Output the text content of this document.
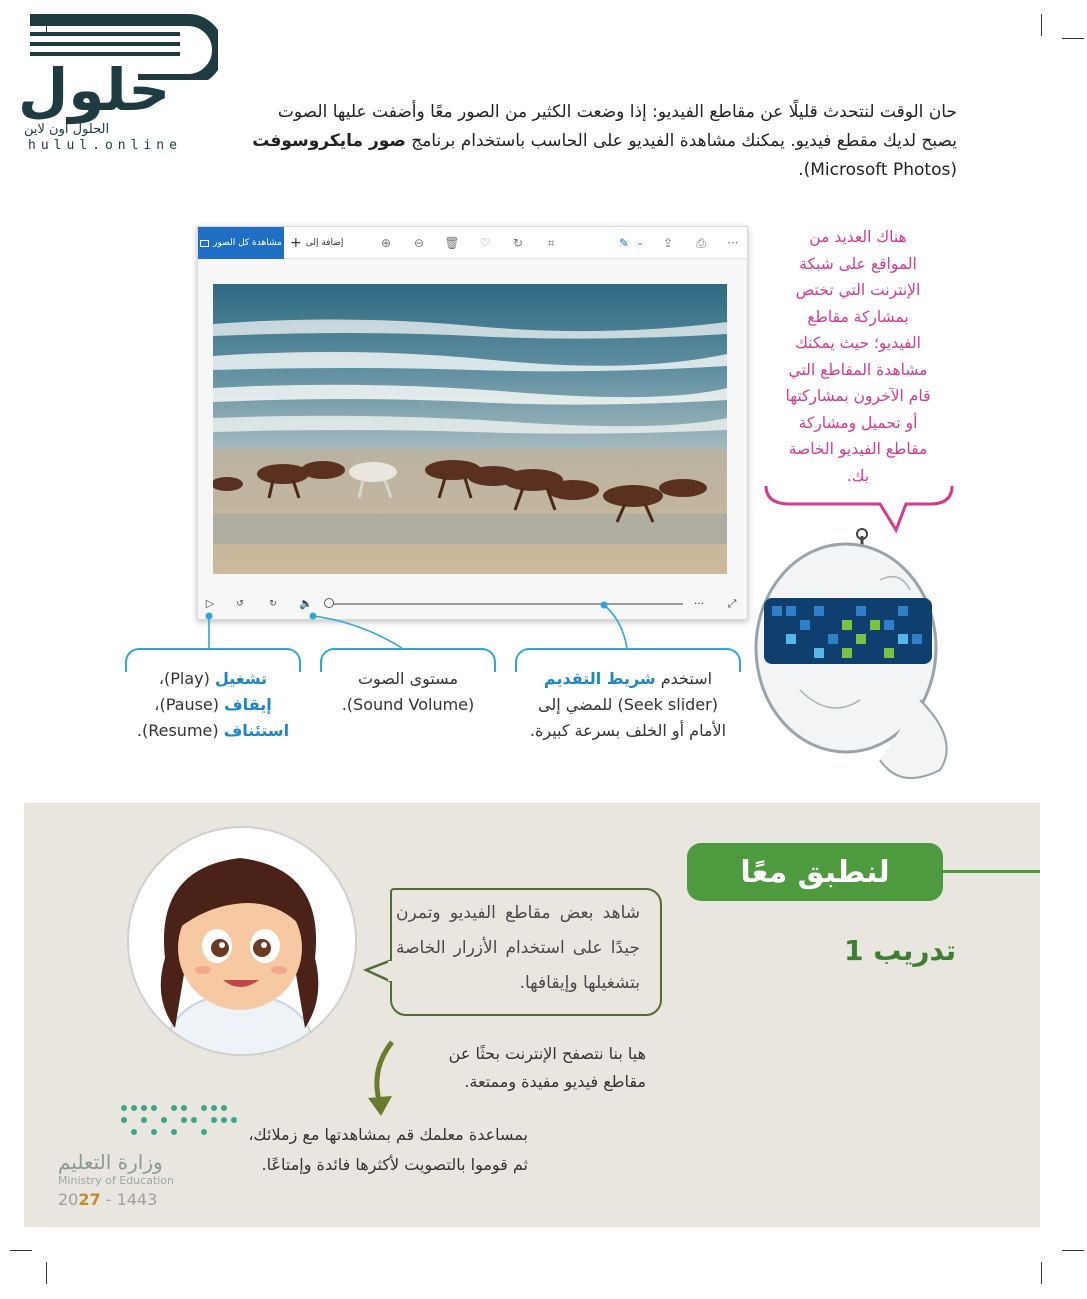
حلول
الحلول اون لاين
hulul.online
حان الوقت لنتحدث قليلًا عن مقاطع الفيديو: إذا وضعت الكثير من الصور معًا وأضفت عليها الصوت
يصبح لديك مقطع فيديو. يمكنك مشاهدة الفيديو على الحاسب باستخدام برنامج صور مايكروسوفت
(Microsoft Photos).
مشاهدة كل الصور	إضافة إلى
+	⊕ ⊖ 🗑 ♡ ↻	⌗	✎ ⌄	⇪ ⎙ ···
▷	↺	↻	🔈	···	⤢
تشغيل (Play)،
إيقاف (Pause)،
استئناف (Resume).
مستوى الصوت
(Sound Volume).
استخدم شريط التقديم
(Seek slider) للمضي إلى
الأمام أو الخلف بسرعة كبيرة.
هناك العديد من
المواقع على شبكة
الإنترنت التي تختص
بمشاركة مقاطع
الفيديو؛ حيث يمكنك
مشاهدة المقاطع التي
قام الآخرون بمشاركتها
أو تحميل ومشاركة
مقاطع الفيديو الخاصة
بك.
لنطبق معًا
تدريب 1
شاهد بعض مقاطع الفيديو وتمرن جيدًا على استخدام الأزرار الخاصة بتشغيلها وإيقافها.
هيا بنا نتصفح الإنترنت بحثًا عن مقاطع فيديو مفيدة وممتعة.
بمساعدة معلمك قم بمشاهدتها مع زملائك، ثم قوموا بالتصويت لأكثرها فائدة وإمتاعًا.
وزارة التعليم
Ministry of Education
2027 - 1443
